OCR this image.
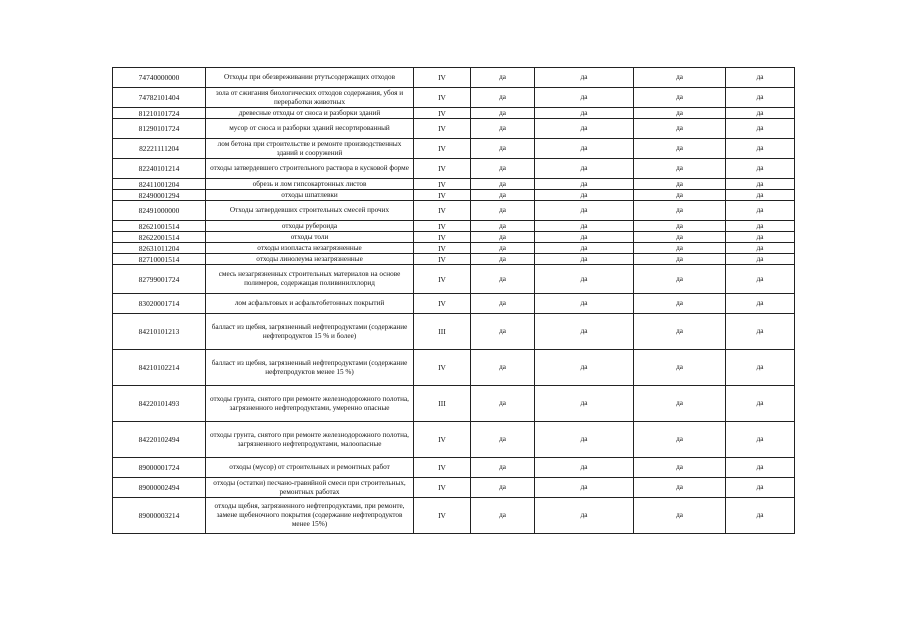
74740000000	Отходы при обезвреживании ртутьсодержащих отходов	IV	да	да	да	да
74782101404	зола от сжигания биологических отходов содержания, убоя и переработки животных	IV	да	да	да	да
81210101724	древесные отходы от сноса и разборки зданий	IV	да	да	да	да
81290101724	мусор от сноса и разборки зданий несортированный	IV	да	да	да	да
82221111204	лом бетона при строительстве и ремонте производственных зданий и сооружений	IV	да	да	да	да
82240101214	отходы затвердевшего строительного раствора в кусковой форме	IV	да	да	да	да
82411001204	обрезь и лом гипсокартонных листов	IV	да	да	да	да
82490001294	отходы шпатлевки	IV	да	да	да	да
82491000000	Отходы затвердевших строительных смесей прочих	IV	да	да	да	да
82621001514	отходы рубероида	IV	да	да	да	да
82622001514	отходы толи	IV	да	да	да	да
82631011204	отходы изопласта незагрязненные	IV	да	да	да	да
82710001514	отходы линолеума незагрязненные	IV	да	да	да	да
82799001724	смесь незагрязненных строительных материалов на основе полимеров, содержащая поливинилхлорид	IV	да	да	да	да
83020001714	лом асфальтовых и асфальтобетонных покрытий	IV	да	да	да	да
84210101213	балласт из щебня, загрязненный нефтепродуктами (содержание нефтепродуктов 15 % и более)	III	да	да	да	да
84210102214	балласт из щебня, загрязненный нефтепродуктами (содержание нефтепродуктов менее 15 %)	IV	да	да	да	да
84220101493	отходы грунта, снятого при ремонте железнодорожного полотна, загрязненного нефтепродуктами, умеренно опасные	III	да	да	да	да
84220102494	отходы грунта, снятого при ремонте железнодорожного полотна, загрязненного нефтепродуктами, малоопасные	IV	да	да	да	да
89000001724	отходы (мусор) от строительных и ремонтных работ	IV	да	да	да	да
89000002494	отходы (остатки) песчано-гравийной смеси при строительных, ремонтных работах	IV	да	да	да	да
89000003214	отходы щебня, загрязненного нефтепродуктами, при ремонте, замене щебеночного покрытия (содержание нефтепродуктов менее 15%)	IV	да	да	да	да
